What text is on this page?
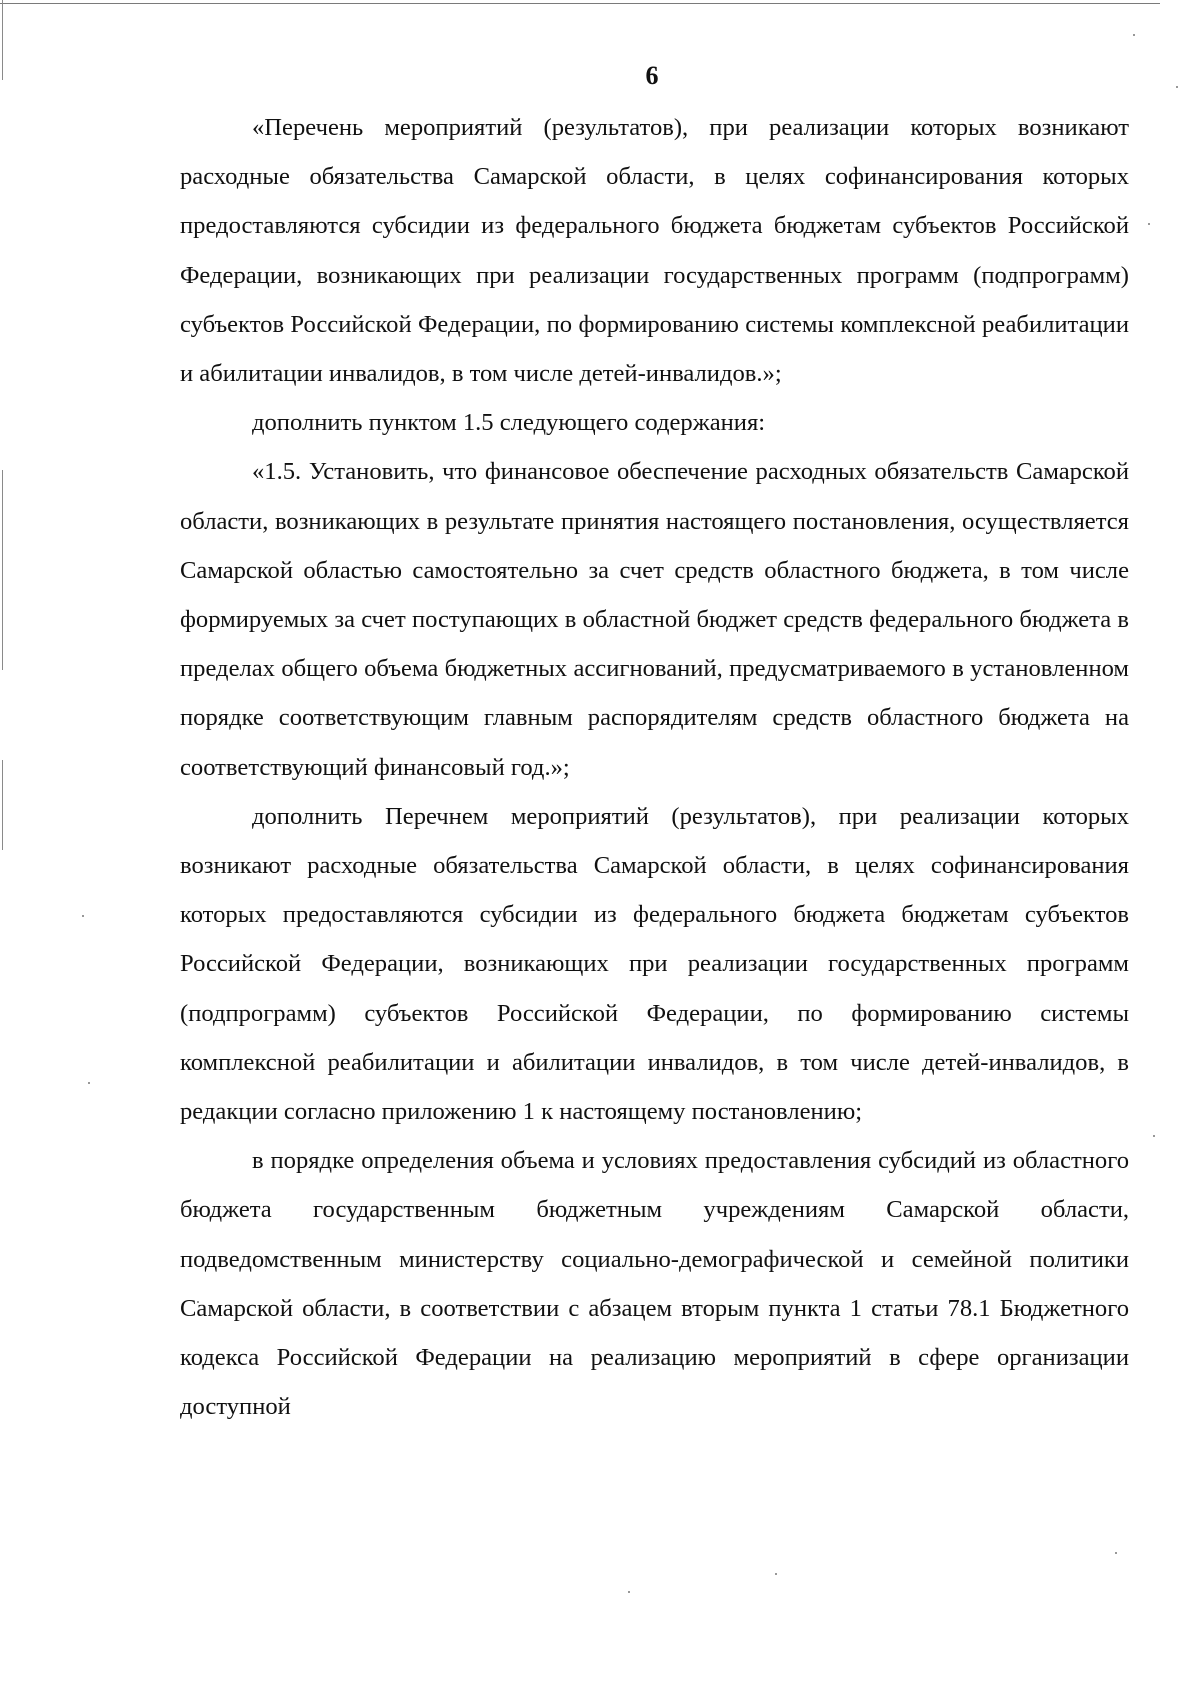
6

«Перечень мероприятий (результатов), при реализации которых возникают расходные обязательства Самарской области, в целях софинансирования которых предоставляются субсидии из федерального бюджета бюджетам субъектов Российской Федерации, возникающих при реализации государственных программ (подпрограмм) субъектов Российской Федерации, по формированию системы комплексной реабилитации и абилитации инвалидов, в том числе детей-инвалидов.»;

дополнить пунктом 1.5 следующего содержания:

«1.5. Установить, что финансовое обеспечение расходных обязательств Самарской области, возникающих в результате принятия настоящего постановления, осуществляется Самарской областью самостоятельно за счет средств областного бюджета, в том числе формируемых за счет поступающих в областной бюджет средств федерального бюджета в пределах общего объема бюджетных ассигнований, предусматриваемого в установленном порядке соответствующим главным распорядителям средств областного бюджета на соответствующий финансовый год.»;

дополнить Перечнем мероприятий (результатов), при реализации которых возникают расходные обязательства Самарской области, в целях софинансирования которых предоставляются субсидии из федерального бюджета бюджетам субъектов Российской Федерации, возникающих при реализации государственных программ (подпрограмм) субъектов Российской Федерации, по формированию системы комплексной реабилитации и абилитации инвалидов, в том числе детей-инвалидов, в редакции согласно приложению 1 к настоящему постановлению;

в порядке определения объема и условиях предоставления субсидий из областного бюджета государственным бюджетным учреждениям Самарской области, подведомственным министерству социально-демографической и семейной политики Самарской области, в соответствии с абзацем вторым пункта 1 статьи 78.1 Бюджетного кодекса Российской Федерации на реализацию мероприятий в сфере организации доступной
